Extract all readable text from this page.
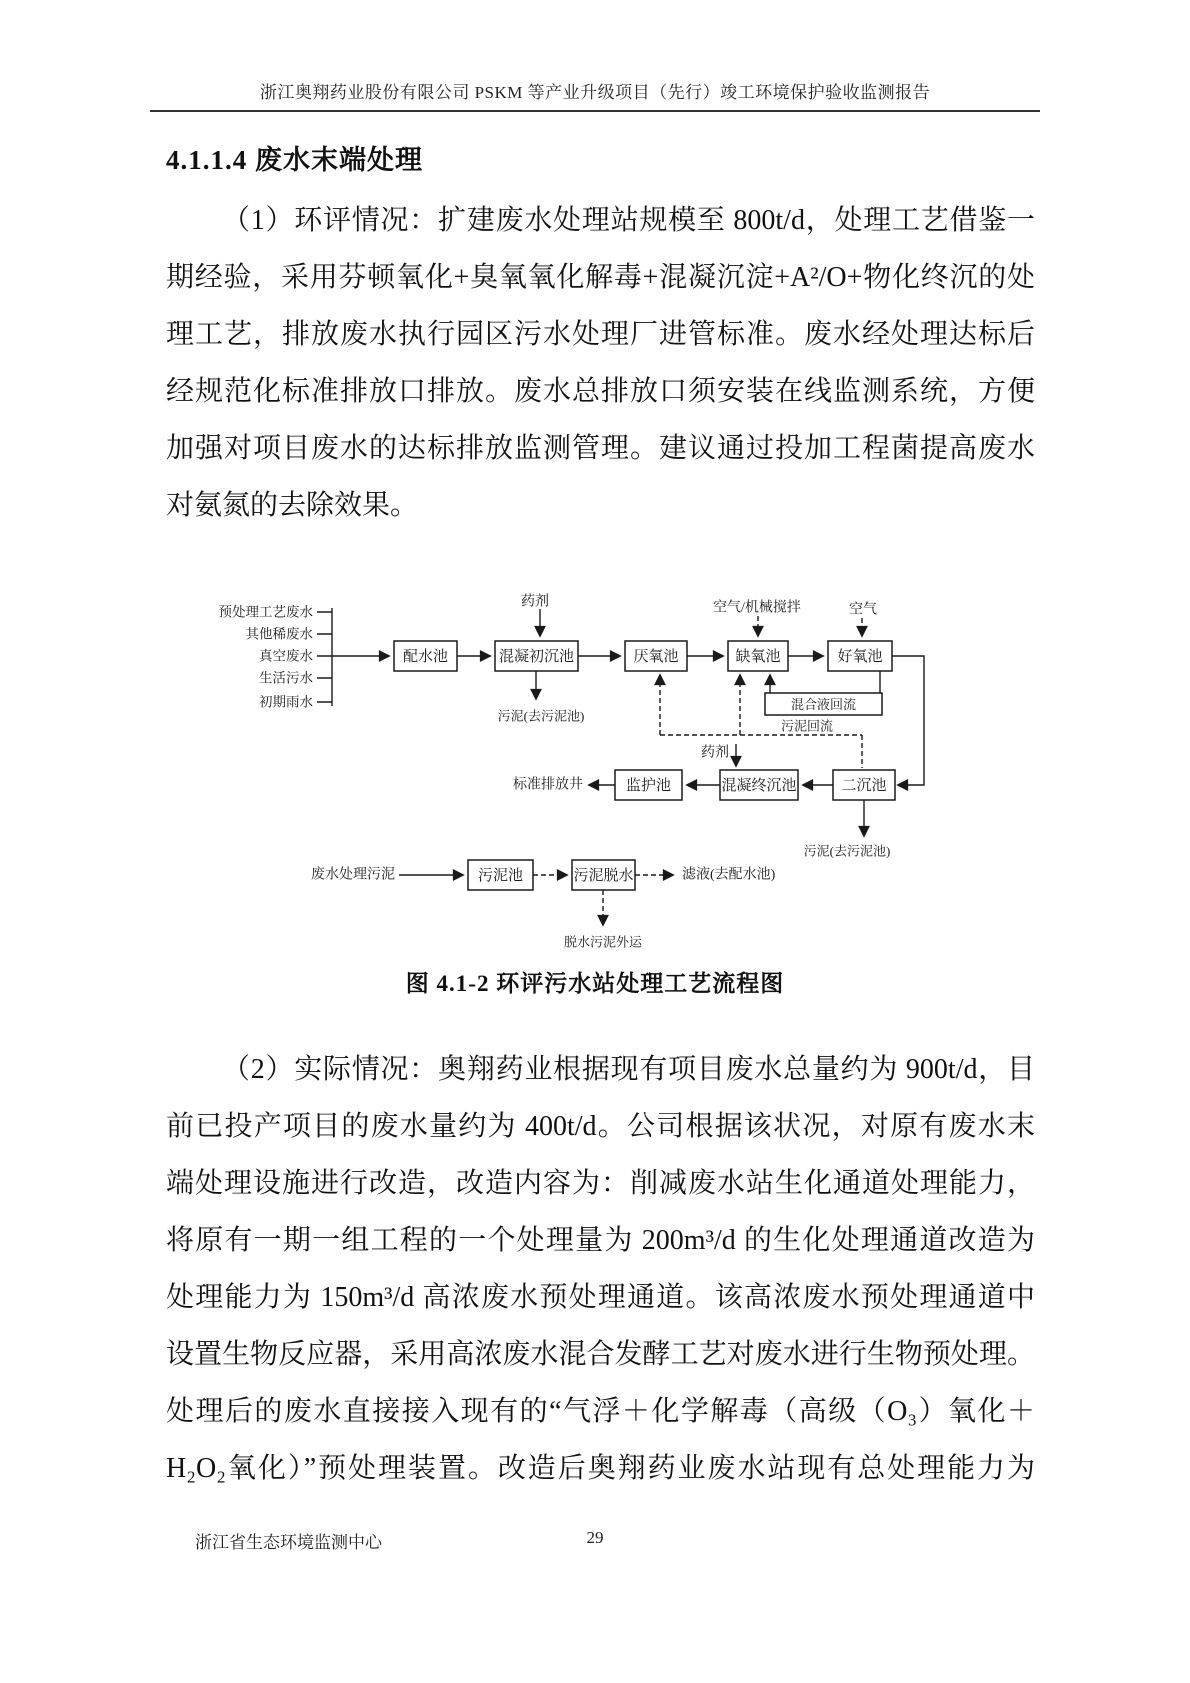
浙江奥翔药业股份有限公司 PSKM 等产业升级项目（先行）竣工环境保护验收监测报告
4.1.1.4 废水末端处理
（1）环评情况：扩建废水处理站规模至 800t/d，处理工艺借鉴一
期经验，采用芬顿氧化+臭氧氧化解毒+混凝沉淀+A²/O+物化终沉的处
理工艺，排放废水执行园区污水处理厂进管标准。废水经处理达标后
经规范化标准排放口排放。废水总排放口须安装在线监测系统，方便
加强对项目废水的达标排放监测管理。建议通过投加工程菌提高废水
对氨氮的去除效果。
预处理工艺废水
其他稀废水
真空废水
生活污水
初期雨水
配水池	混凝初沉池	厌氧池	缺氧池	好氧池
药剂	空气/机械搅拌	空气
污泥(去污泥池)
混合液回流
污泥回流
药剂
二沉池
混凝终沉池
监护池
标准排放井
污泥(去污泥池)
废水处理污泥	污泥池	污泥脱水	滤液(去配水池)
脱水污泥外运
图 4.1-2 环评污水站处理工艺流程图
（2）实际情况：奥翔药业根据现有项目废水总量约为 900t/d，目
前已投产项目的废水量约为 400t/d。公司根据该状况，对原有废水末
端处理设施进行改造，改造内容为：削减废水站生化通道处理能力，
将原有一期一组工程的一个处理量为 200m³/d 的生化处理通道改造为
处理能力为 150m³/d 高浓废水预处理通道。该高浓废水预处理通道中
设置生物反应器，采用高浓废水混合发酵工艺对废水进行生物预处理。
处理后的废水直接接入现有的“气浮＋化学解毒（高级（O₃）氧化＋
H₂O₂氧化）”预处理装置。改造后奥翔药业废水站现有总处理能力为
浙江省生态环境监测中心	29
